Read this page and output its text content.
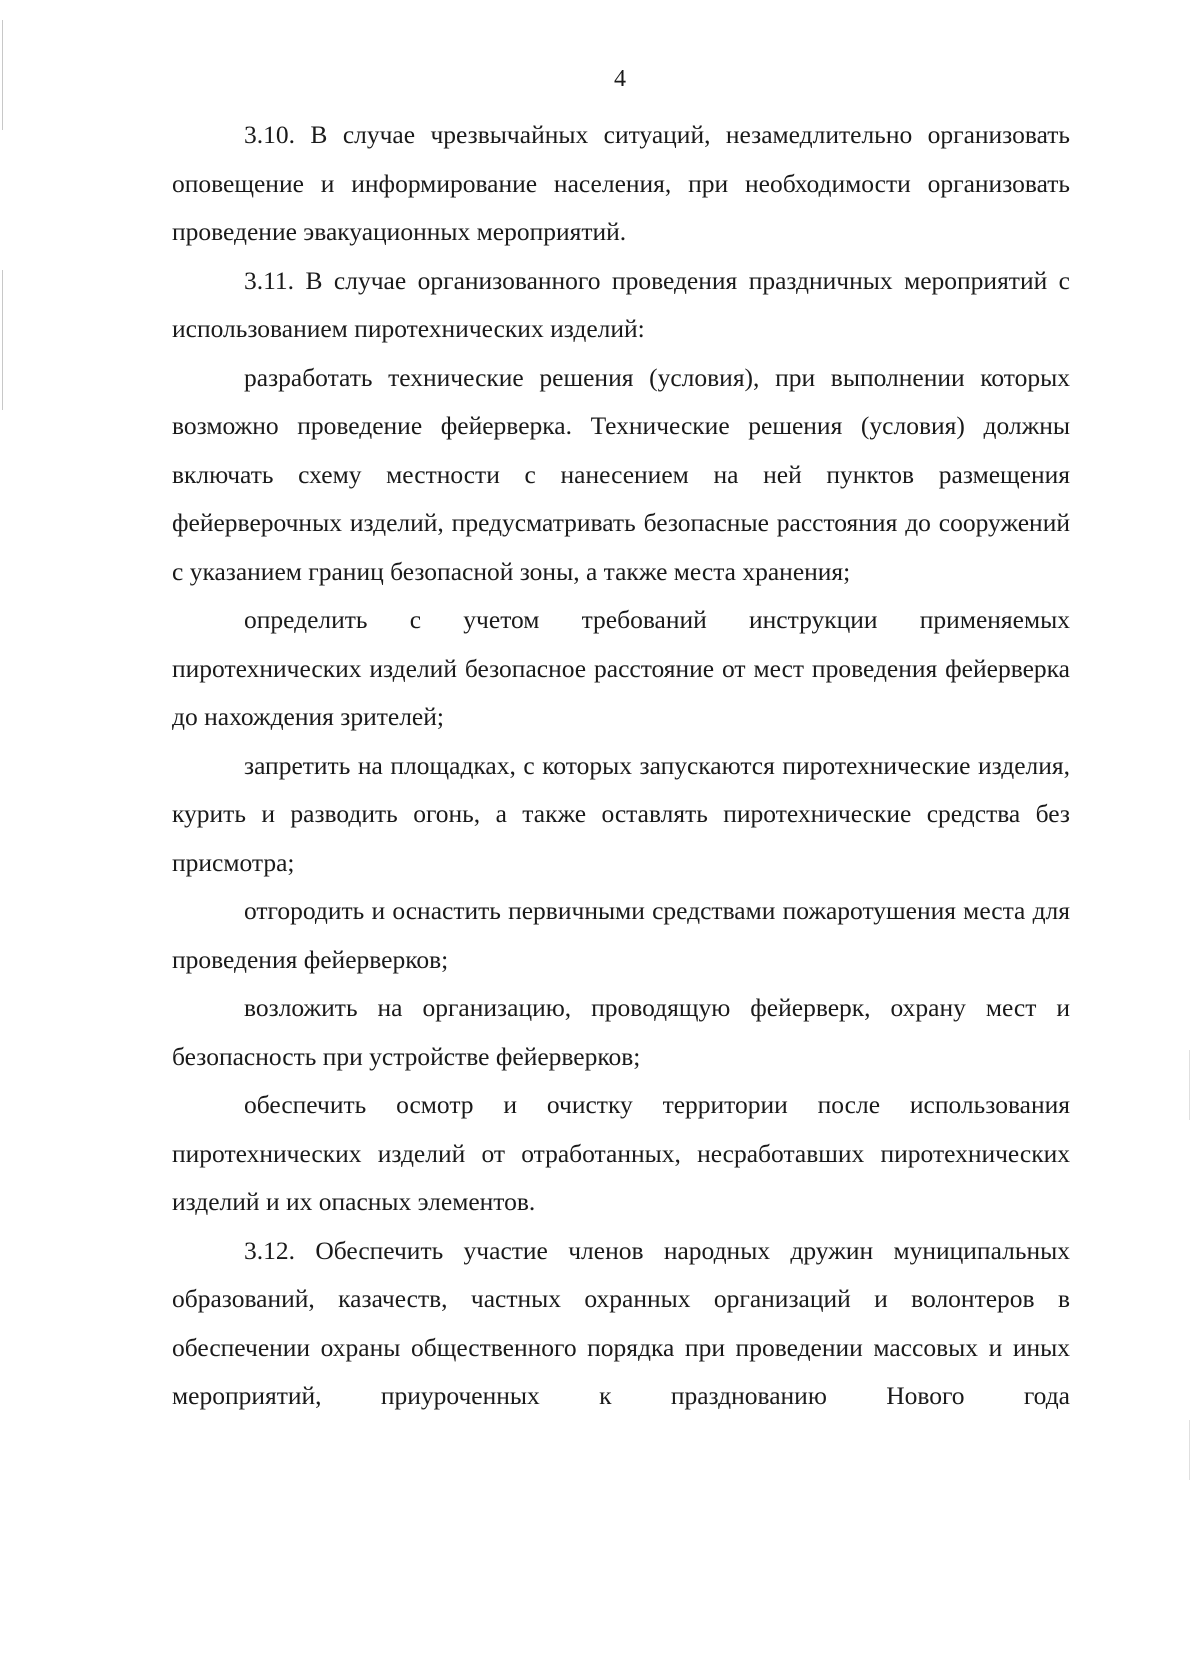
4

3.10. В случае чрезвычайных ситуаций, незамедлительно организовать оповещение и информирование населения, при необходимости организовать проведение эвакуационных мероприятий.

3.11. В случае организованного проведения праздничных мероприятий с использованием пиротехнических изделий:

разработать технические решения (условия), при выполнении которых возможно проведение фейерверка. Технические решения (условия) должны включать схему местности с нанесением на ней пунктов размещения фейерверочных изделий, предусматривать безопасные расстояния до сооружений с указанием границ безопасной зоны, а также места хранения;

определить с учетом требований инструкции применяемых пиротехнических изделий безопасное расстояние от мест проведения фейерверка до нахождения зрителей;

запретить на площадках, с которых запускаются пиротехнические изделия, курить и разводить огонь, а также оставлять пиротехнические средства без присмотра;

отгородить и оснастить первичными средствами пожаротушения места для проведения фейерверков;

возложить на организацию, проводящую фейерверк, охрану мест и безопасность при устройстве фейерверков;

обеспечить осмотр и очистку территории после использования пиротехнических изделий от отработанных, несработавших пиротехнических изделий и их опасных элементов.

3.12. Обеспечить участие членов народных дружин муниципальных образований, казачеств, частных охранных организаций и волонтеров в обеспечении охраны общественного порядка при проведении массовых и иных мероприятий, приуроченных к празднованию Нового года
